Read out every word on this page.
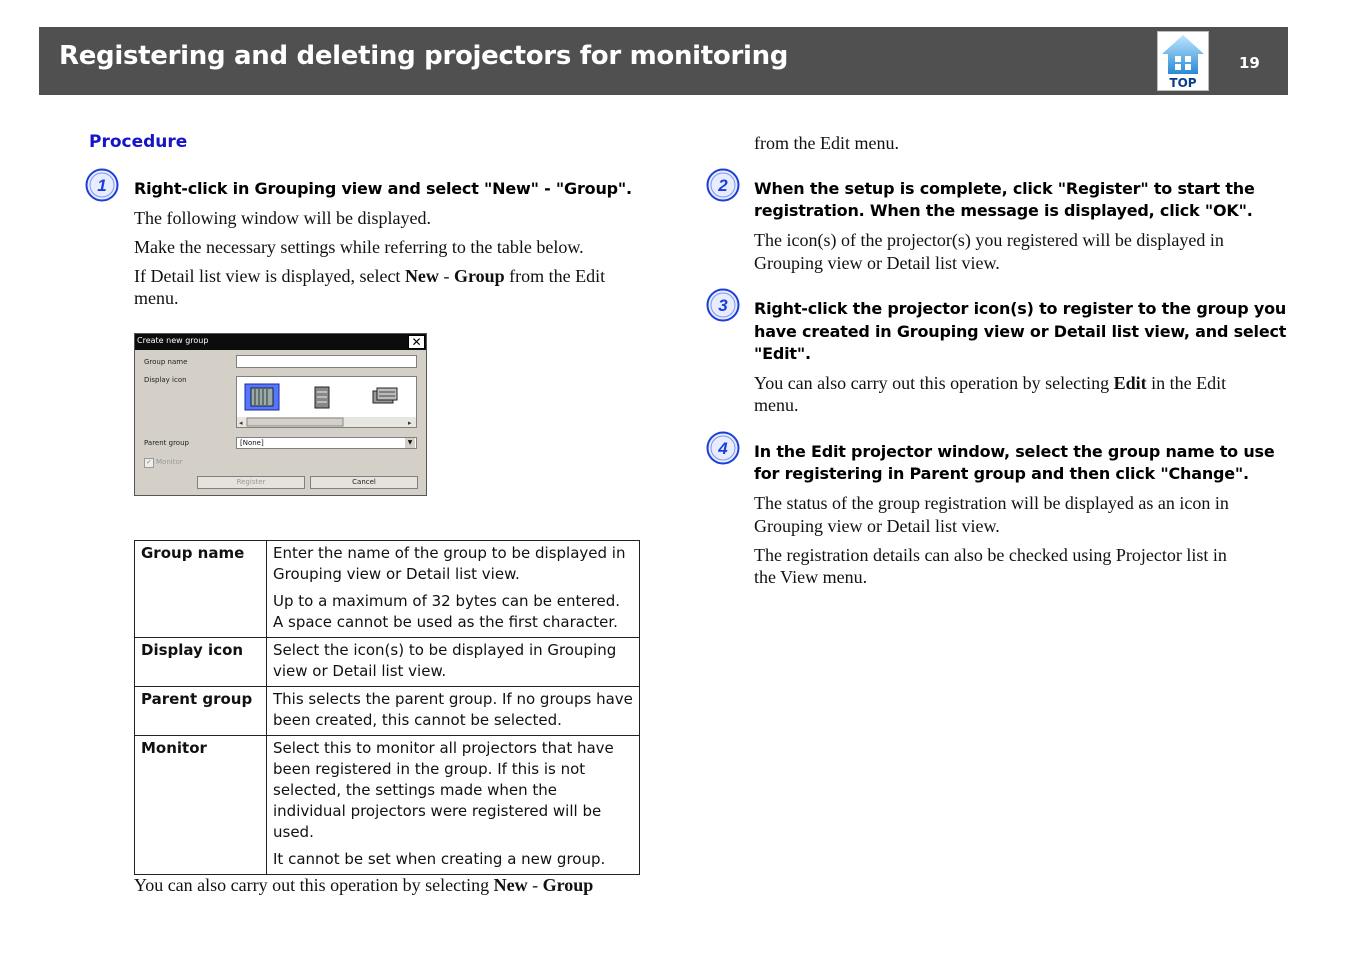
Registering and deleting projectors for monitoring
TOP
19
Procedure
1 Right-click in Grouping view and select "New" - "Group".
The following window will be displayed.
Make the necessary settings while referring to the table below.
If Detail list view is displayed, select New - Group from the Edit
menu.
Create new group	✕
Group name
Display icon
◂	▸
Parent group	[None]	▼
✓ Monitor
Register	Cancel
Group name	Enter the name of the group to be displayed in Grouping view or Detail list view.

Up to a maximum of 32 bytes can be entered. A space cannot be used as the first character.

Display icon	Select the icon(s) to be displayed in Grouping view or Detail list view.

Parent group	This selects the parent group. If no groups have been created, this cannot be selected.

Monitor	Select this to monitor all projectors that have been registered in the group. If this is not selected, the settings made when the individual projectors were registered will be used.

It cannot be set when creating a new group.

You can also carry out this operation by selecting New - Group
from the Edit menu.
2 When the setup is complete, click "Register" to start the
registration. When the message is displayed, click "OK".
The icon(s) of the projector(s) you registered will be displayed in
Grouping view or Detail list view.
3 Right-click the projector icon(s) to register to the group you
have created in Grouping view or Detail list view, and select
"Edit".
You can also carry out this operation by selecting Edit in the Edit
menu.
4 In the Edit projector window, select the group name to use
for registering in Parent group and then click "Change".
The status of the group registration will be displayed as an icon in
Grouping view or Detail list view.
The registration details can also be checked using Projector list in
the View menu.
